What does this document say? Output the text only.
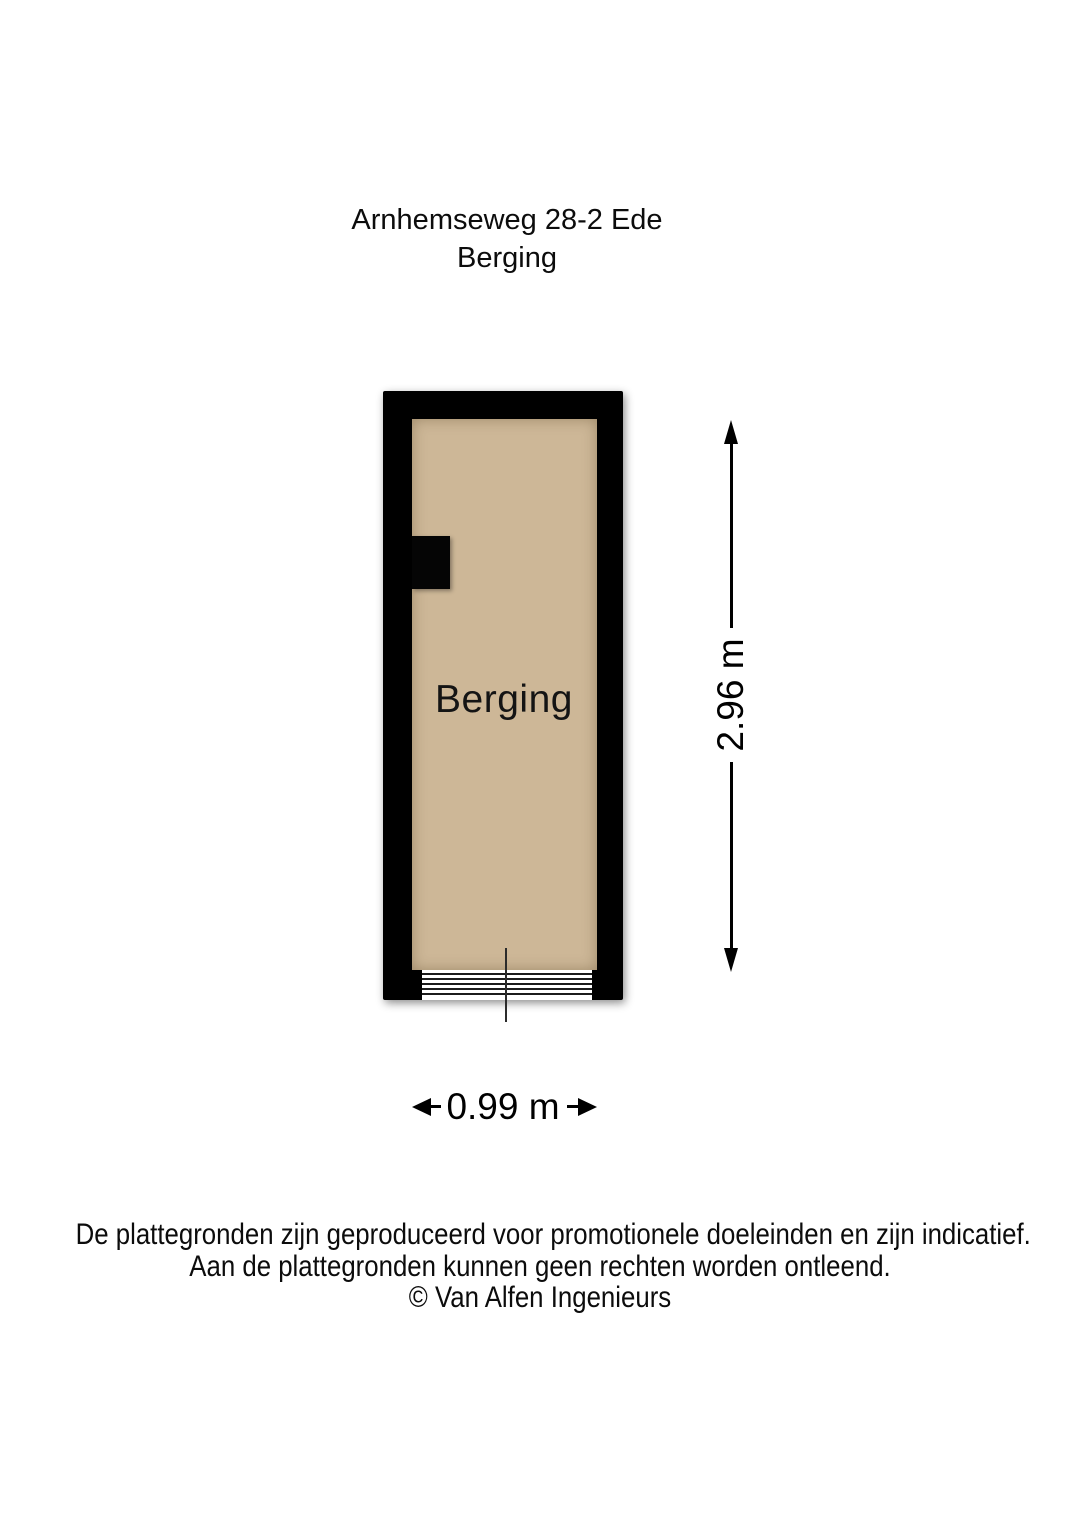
Arnhemseweg 28-2 Ede
Berging
Berging	2.96 m
0.99 m
De plattegronden zijn geproduceerd voor promotionele doeleinden en zijn indicatief.
Aan de plattegronden kunnen geen rechten worden ontleend.
© Van Alfen Ingenieurs
